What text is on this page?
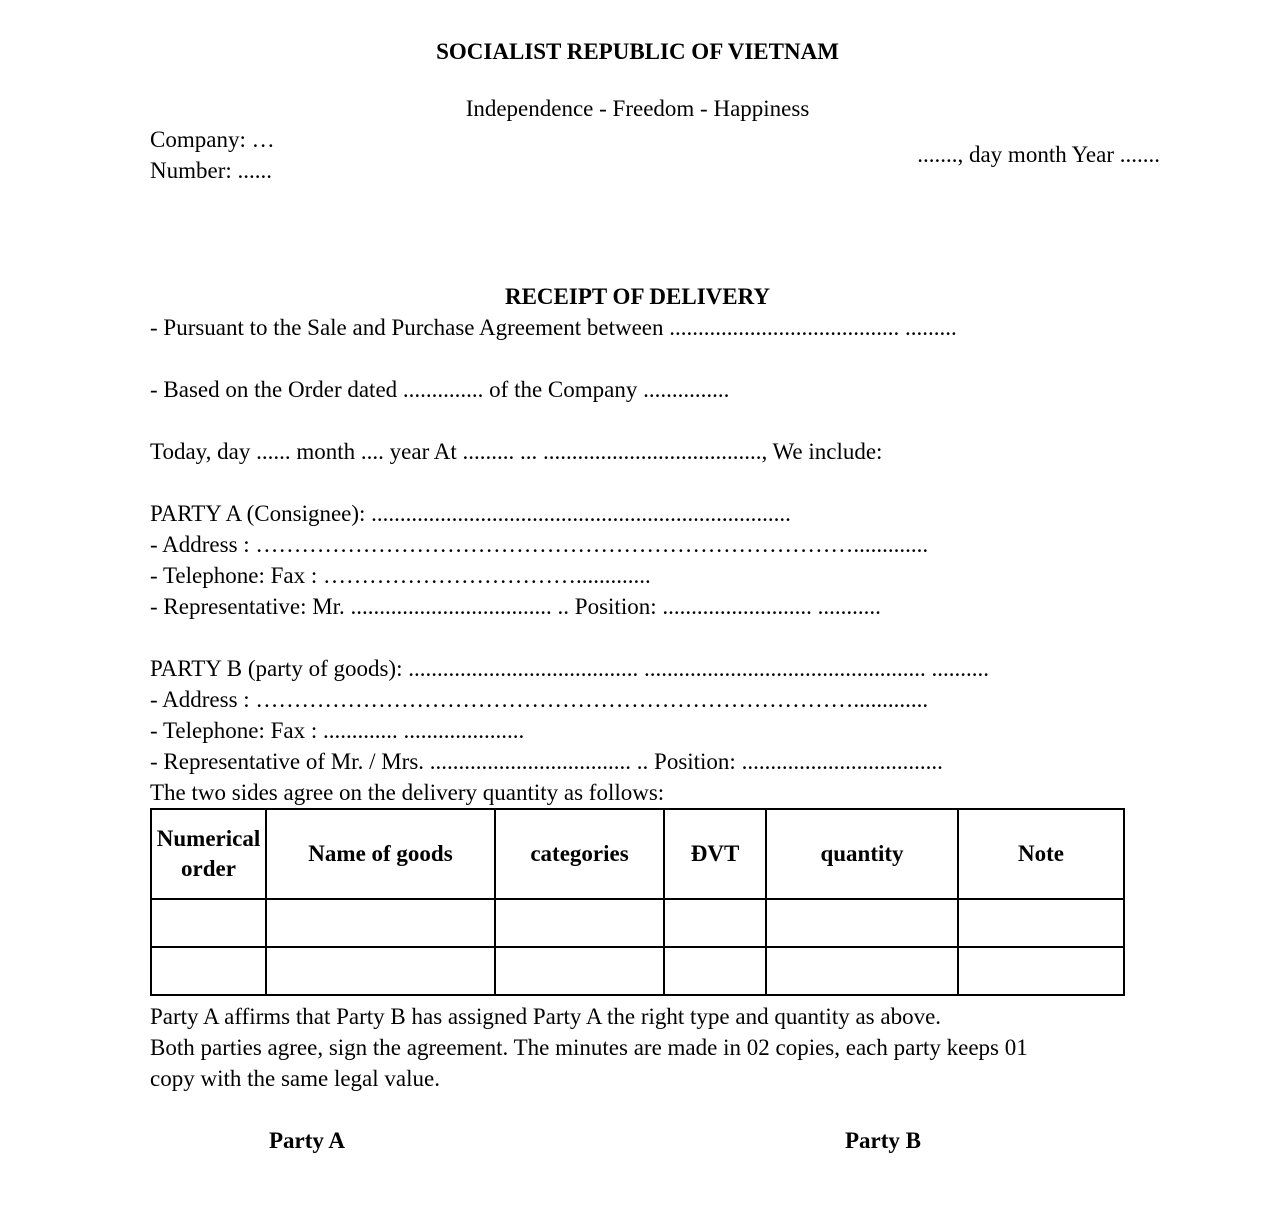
SOCIALIST REPUBLIC OF VIETNAM
Independence - Freedom - Happiness
Company: …
Number: ......
......., day month Year .......
RECEIPT OF DELIVERY
- Pursuant to the Sale and Purchase Agreement between ........................................ .........
- Based on the Order dated .............. of the Company ...............
Today, day ...... month .... year At ......... ... ......................................, We include:
PARTY A (Consignee): .........................................................................
- Address : …………………………………………………………………….............
- Telephone: Fax : …………………………….............
- Representative: Mr. ................................... .. Position: .......................... ...........
PARTY B (party of goods): ........................................ ................................................. ..........
- Address : …………………………………………………………………….............
- Telephone: Fax : ............. .....................
- Representative of Mr. / Mrs. ................................... .. Position: ...................................
The two sides agree on the delivery quantity as follows:
Numerical order	Name of goods	categories	ĐVT	quantity	Note

Party A affirms that Party B has assigned Party A the right type and quantity as above.
Both parties agree, sign the agreement. The minutes are made in 02 copies, each party keeps 01
copy with the same legal value.
Party A	Party B
